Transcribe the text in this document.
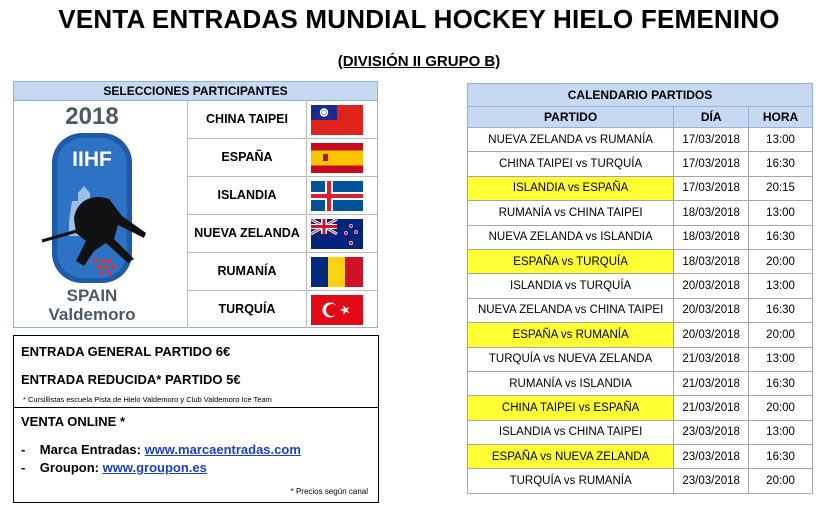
VENTA ENTRADAS MUNDIAL HOCKEY HIELO FEMENINO
(DIVISIÓN II GRUPO B)
SELECCIONES PARTICIPANTES
2018
IIHF
SPAIN
Valdemoro
CHINA TAIPEI
ESPAÑA
ISLANDIA
NUEVA ZELANDA
RUMANÍA
TURQUÍA
ENTRADA GENERAL PARTIDO 6€
ENTRADA REDUCIDA* PARTIDO 5€
* Cursillistas escuela Pista de Hielo Valdemoro y Club Valdemoro Ice Team
VENTA ONLINE *
- Marca Entradas: www.marcaentradas.com
- Groupon: www.groupon.es
* Precios según canal
CALENDARIO PARTIDOS		
PARTIDO	DÍA	HORA
NUEVA ZELANDA vs RUMANÍA	17/03/2018	13:00
CHINA TAIPEI vs TURQUÍA	17/03/2018	16:30
ISLANDIA vs ESPAÑA	17/03/2018	20:15
RUMANÍA vs CHINA TAIPEI	18/03/2018	13:00
NUEVA ZELANDA vs ISLANDIA	18/03/2018	16:30
ESPAÑA vs TURQUÍA	18/03/2018	20:00
ISLANDIA vs TURQUÍA	20/03/2018	13:00
NUEVA ZELANDA vs CHINA TAIPEI	20/03/2018	16:30
ESPAÑA vs RUMANÍA	20/03/2018	20:00
TURQUÍA vs NUEVA ZELANDA	21/03/2018	13:00
RUMANÍA vs ISLANDIA	21/03/2018	16:30
CHINA TAIPEI vs ESPAÑA	21/03/2018	20:00
ISLANDIA vs CHINA TAIPEI	23/03/2018	13:00
ESPAÑA vs NUEVA ZELANDA	23/03/2018	16:30
TURQUÍA vs RUMANÍA	23/03/2018	20:00
